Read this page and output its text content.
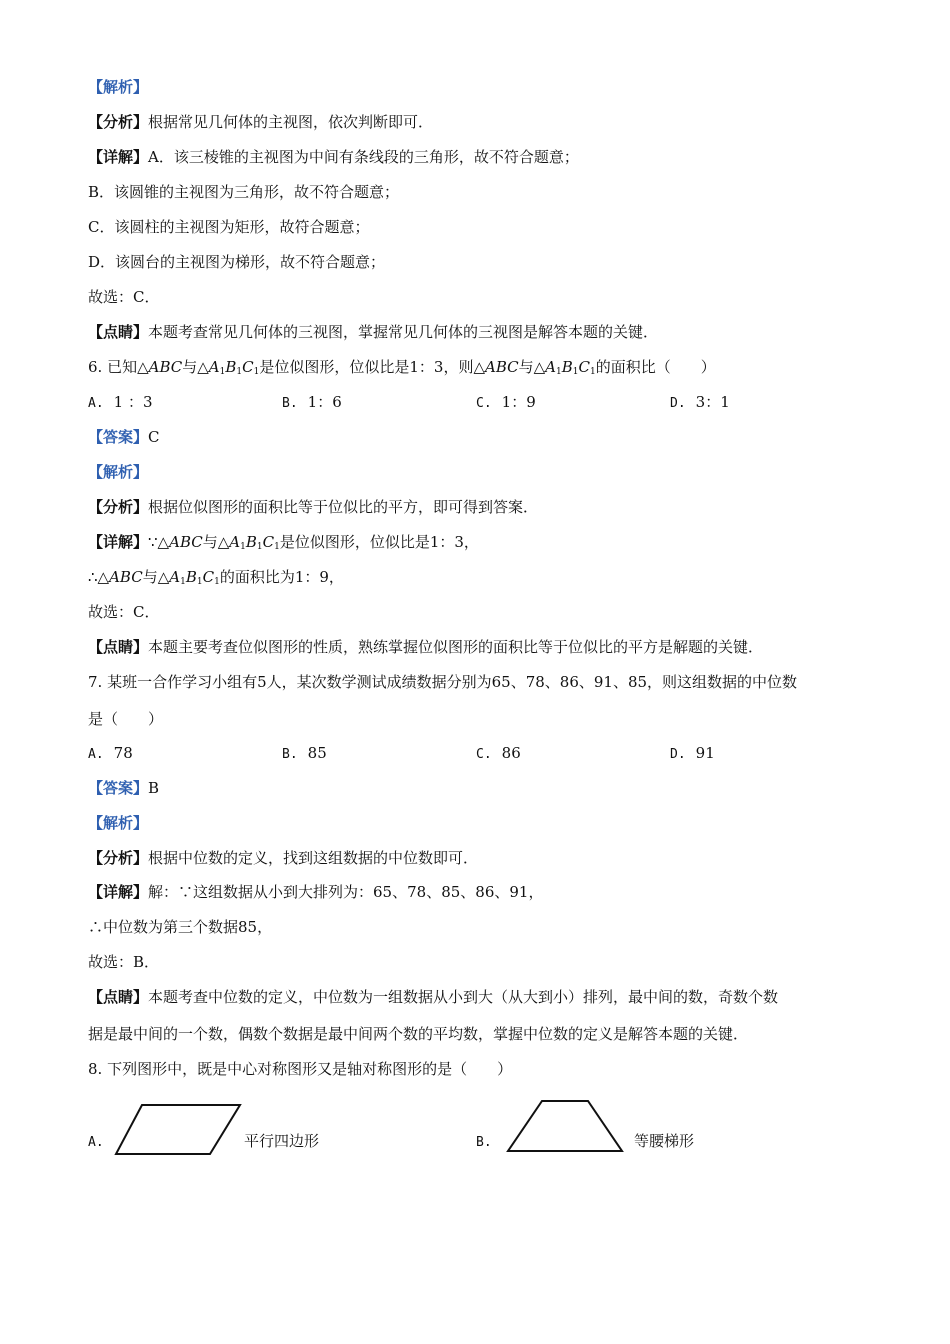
【解析】
【分析】根据常见几何体的主视图，依次判断即可．
【详解】A．该三棱锥的主视图为中间有条线段的三角形，故不符合题意；
B．该圆锥的主视图为三角形，故不符合题意；
C．该圆柱的主视图为矩形，故符合题意；
D．该圆台的主视图为梯形，故不符合题意；
故选：C．
【点睛】本题考查常见几何体的三视图，掌握常见几何体的三视图是解答本题的关键．
6. 已知△ABC与$\triangle A_1B_1C_1$是位似图形，位似比是1：3，则△ABC与$\triangle A_1B_1C_1$的面积比（　　）
A. 1 ：3	B. 1：6	C. 1：9	D. 3：1
【答案】C
【解析】
【分析】根据位似图形的面积比等于位似比的平方，即可得到答案．
【详解】∵△ABC与$\triangle A_1B_1C_1$是位似图形，位似比是1：3，
∴△ABC与$\triangle A_1B_1C_1$的面积比为1：9，
故选：C．
【点睛】本题主要考查位似图形的性质，熟练掌握位似图形的面积比等于位似比的平方是解题的关键．
7. 某班一合作学习小组有5人，某次数学测试成绩数据分别为65、78、86、91、85，则这组数据的中位数
是（　　）
A. 78	B. 85	C. 86	D. 91
【答案】B
【解析】
【分析】根据中位数的定义，找到这组数据的中位数即可．
【详解】解：∵这组数据从小到大排列为：65、78、85、86、91，
∴中位数为第三个数据85，
故选：B．
【点睛】本题考查中位数的定义，中位数为一组数据从小到大（从大到小）排列，最中间的数，奇数个数
据是最中间的一个数，偶数个数据是最中间两个数的平均数，掌握中位数的定义是解答本题的关键．
8. 下列图形中，既是中心对称图形又是轴对称图形的是（　　）
A.	平行四边形	B.	等腰梯形
